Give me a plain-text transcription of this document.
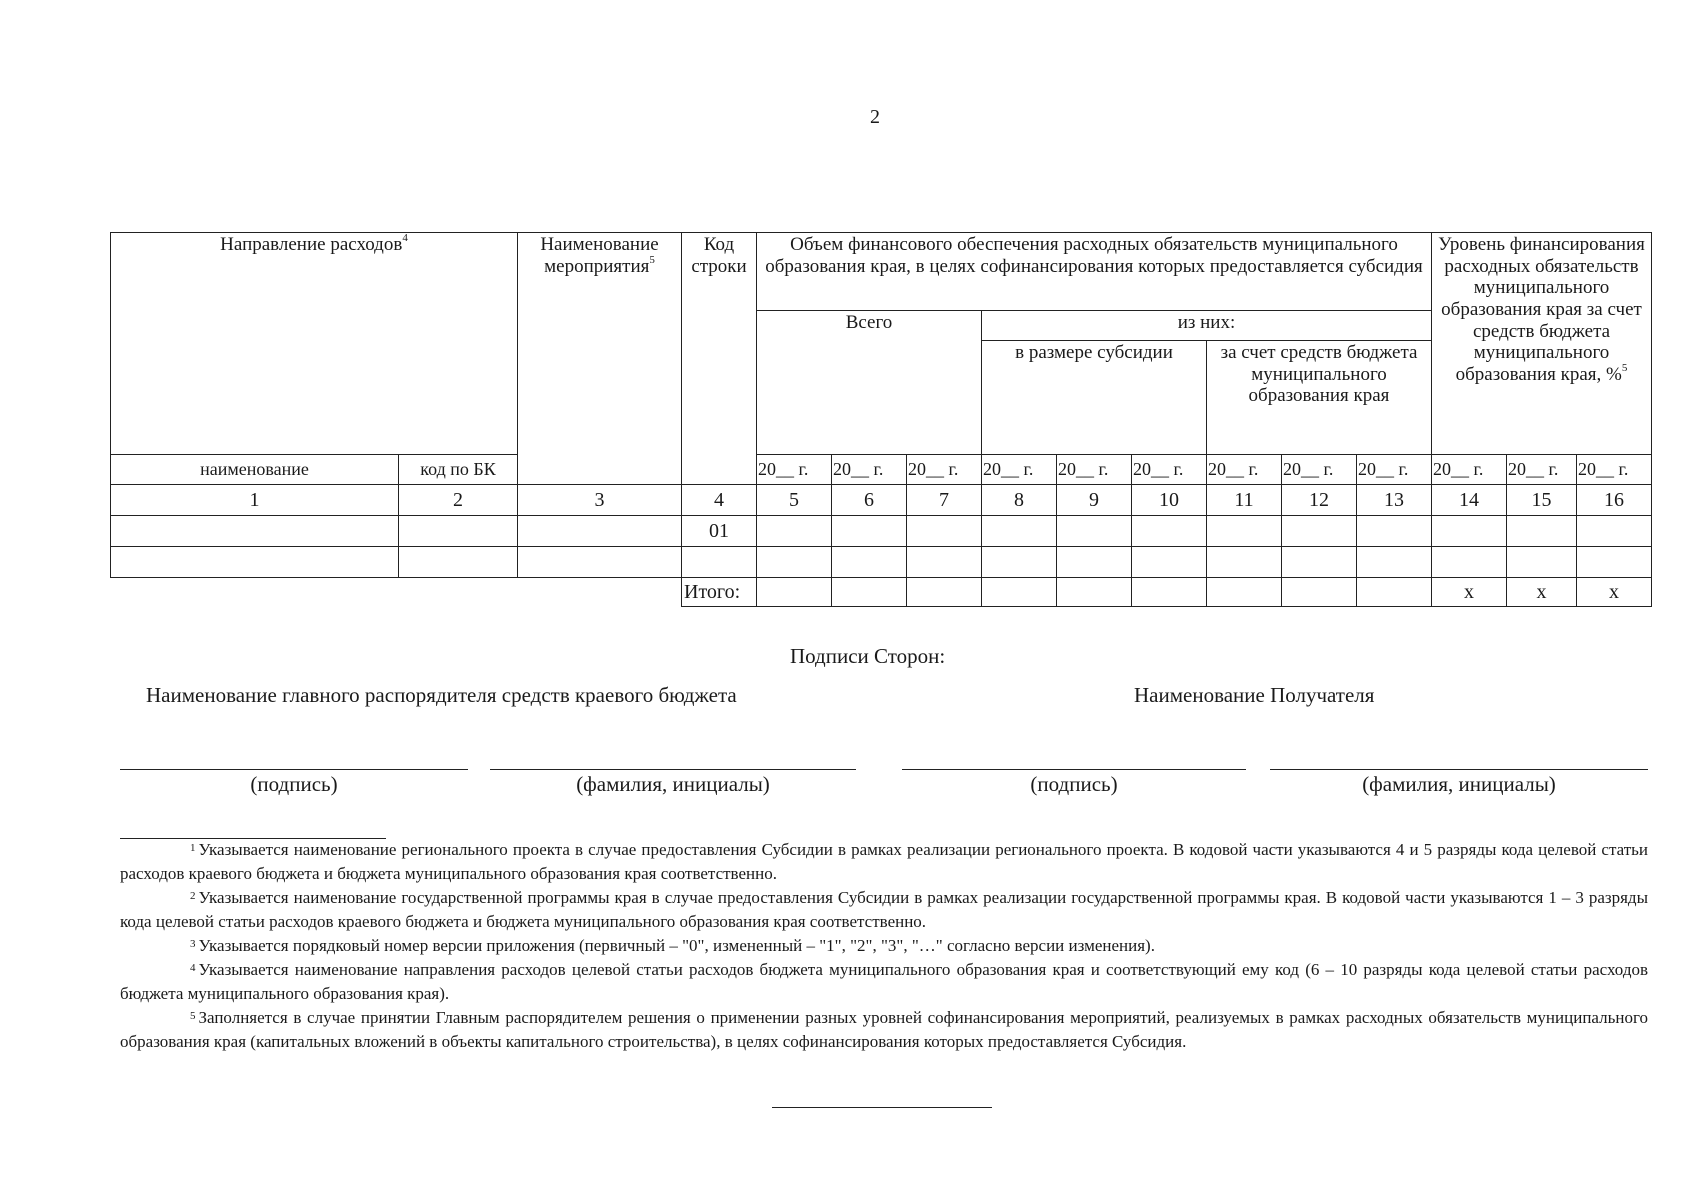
2
Направление расходов$^4$		Наименование мероприятия$^5$	Код строки	Объем финансового обеспечения расходных обязательств муниципального образования края, в целях софинансирования которых предоставляется субсидия									Уровень финансирования расходных обязательств муниципального образования края за счет средств бюджета муниципального образования края, %$^5$
				Всего			из них:								
							в размере субсидии			за счет средств бюджета муниципального образования края					
наименование	код по БК			20__ г.	20__ г.	20__ г.	20__ г.	20__ г.	20__ г.	20__ г.	20__ г.	20__ г.	20__ г.	20__ г.	20__ г.
1	2	3	4	5	6	7	8	9	10	11	12	13	14	15	16
			01												

			Итого:										x	x	x
Подписи Сторон:
Наименование главного распорядителя средств краевого бюджета	Наименование Получателя
(подпись)	(фамилия, инициалы)	(подпись)	(фамилия, инициалы)

$^1$ Указывается наименование регионального проекта в случае предоставления Субсидии в рамках реализации регионального проекта. В кодовой части указываются 4 и 5 разряды кода целевой статьи расходов краевого бюджета и бюджета муниципального образования края соответственно.

$^2$ Указывается наименование государственной программы края в случае предоставления Субсидии в рамках реализации государственной программы края. В кодовой части указываются 1 – 3 разряды кода целевой статьи расходов краевого бюджета и бюджета муниципального образования края соответственно.

$^3$ Указывается порядковый номер версии приложения (первичный – "0", измененный – "1", "2", "3", "…" согласно версии изменения).

$^4$ Указывается наименование направления расходов целевой статьи расходов бюджета муниципального образования края и соответствующий ему код (6 – 10 разряды кода целевой статьи расходов бюджета муниципального образования края).

$^5$ Заполняется в случае принятии Главным распорядителем решения о применении разных уровней софинансирования мероприятий, реализуемых в рамках расходных обязательств муниципального образования края (капитальных вложений в объекты капитального строительства), в целях софинансирования которых предоставляется Субсидия.
